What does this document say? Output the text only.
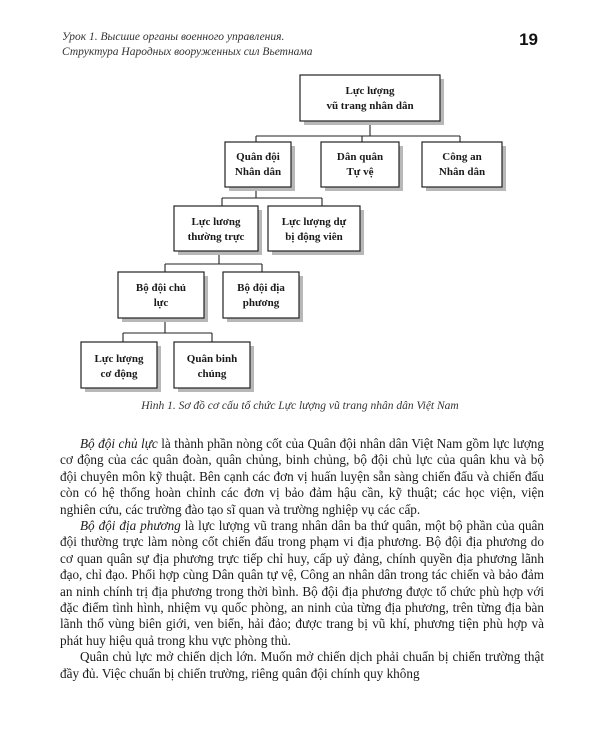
Урок 1. Высшие органы военного управления.
Структура Народных вооруженных сил Вьетнама
19
Lực lượng
vũ trang nhân dân
Quân đội
Nhân dân
Dân quân
Tự vệ
Công an
Nhân dân
Lực lương
thường trực
Lực lượng dự
bị động viên
Bộ đội chủ
lực
Bộ đội địa
phương
Lực lượng
cơ động
Quân binh
chủng
Hình 1. Sơ đồ cơ cấu tổ chức Lực lượng vũ trang nhân dân Việt Nam

Bộ đội chủ lực là thành phần nòng cốt của Quân đội nhân dân Việt Nam gồm lực lượng cơ động của các quân đoàn, quân chủng, binh chủng, bộ đội chủ lực của quân khu và bộ đội chuyên môn kỹ thuật. Bên cạnh các đơn vị huấn luyện sẵn sàng chiến đấu và chiến đấu còn có hệ thống hoàn chỉnh các đơn vị bảo đảm hậu cần, kỹ thuật; các học viện, viện nghiên cứu, các trường đào tạo sĩ quan và trường nghiệp vụ các cấp.

Bộ đội địa phương là lực lượng vũ trang nhân dân ba thứ quân, một bộ phần của quân đội thường trực làm nòng cốt chiến đấu trong phạm vi địa phương. Bộ đội địa phương do cơ quan quân sự địa phương trực tiếp chỉ huy, cấp uỷ đảng, chính quyền địa phương lãnh đạo, chỉ đạo. Phối hợp cùng Dân quân tự vệ, Công an nhân dân trong tác chiến và bảo đảm an ninh chính trị địa phương trong thời bình. Bộ đội địa phương được tổ chức phù hợp với đặc điểm tình hình, nhiệm vụ quốc phòng, an ninh của từng địa phương, trên từng địa bàn lãnh thổ vùng biên giới, ven biển, hải đảo; được trang bị vũ khí, phương tiện phù hợp và phát huy hiệu quả trong khu vực phòng thủ.

Quân chủ lực mở chiến dịch lớn. Muốn mở chiến dịch phải chuẩn bị chiến trường thật đầy đủ. Việc chuẩn bị chiến trường, riêng quân đội chính quy không
